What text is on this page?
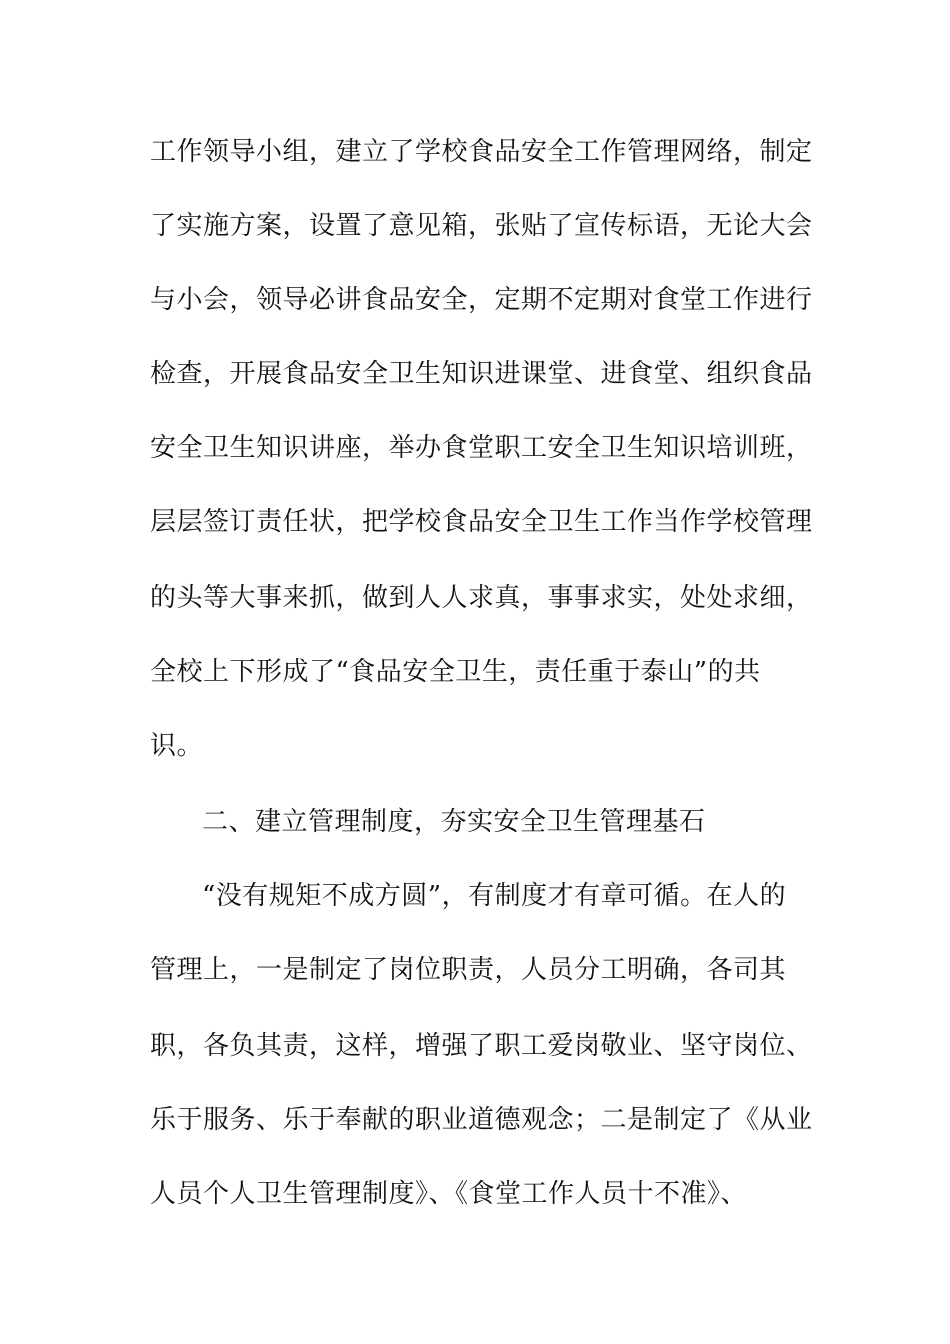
工作领导小组，建立了学校食品安全工作管理网络，制定
了实施方案，设置了意见箱，张贴了宣传标语，无论大会
与小会，领导必讲食品安全，定期不定期对食堂工作进行
检查，开展食品安全卫生知识进课堂、进食堂、组织食品
安全卫生知识讲座，举办食堂职工安全卫生知识培训班，
层层签订责任状，把学校食品安全卫生工作当作学校管理
的头等大事来抓，做到人人求真，事事求实，处处求细，
全校上下形成了“食品安全卫生，责任重于泰山”的共
识。
二、建立管理制度，夯实安全卫生管理基石
“没有规矩不成方圆”，有制度才有章可循。在人的
管理上，一是制定了岗位职责，人员分工明确，各司其
职，各负其责，这样，增强了职工爱岗敬业、坚守岗位、
乐于服务、乐于奉献的职业道德观念；二是制定了《从业
人员个人卫生管理制度》、《食堂工作人员十不准》、
